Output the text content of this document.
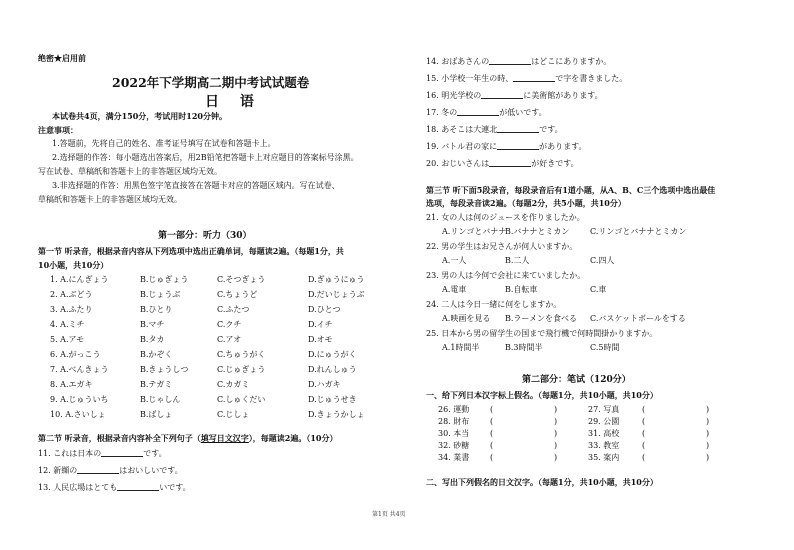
绝密★启用前
2022年下学期高二期中考试试题卷
日 语
本试卷共4页，满分150分，考试用时120分钟。
注意事项：
1.答题前，先将自己的姓名、准考证号填写在试卷和答题卡上。
2.选择题的作答：每小题选出答案后，用2B铅笔把答题卡上对应题目的答案标号涂黑。
写在试卷、草稿纸和答题卡上的非答题区域均无效。
3.非选择题的作答：用黑色签字笔直接答在答题卡对应的答题区域内。写在试卷、
草稿纸和答题卡上的非答题区域均无效。
第一部分：听力（30）
第一节 听录音，根据录音内容从下列选项中选出正确单词，每题读2遍。（每题1分，共
10小题，共10分）
1. A.にんぎょう	B.じゅぎょう	C.そつぎょう	D.ぎゅうにゅう
2. A.ぶどう	B.じょうぶ	C.ちょうど	D.だいじょうぶ
3. A.ふたり	B.ひとり	C.ふたつ	D.ひとつ
4. A.ミチ	B.マチ	C.クチ	D.イチ
5. A.アモ	B.タカ	C.アオ	D.オモ
6. A.がっこう	B.かぞく	C.ちゅうがく	D.にゅうがく
7. A.べんきょう	B.きょうしつ	C.じゅぎょう	D.れんしゅう
8. A.エガキ	B.テガミ	C.カガミ	D.ハガキ
9. A.じゅういち	B.じゃしん	C.しゅくだい	D.じゅうせき
10. A.さいしょ	B.ばしょ	C.じしょ	D.きょうかしょ
第二节 听录音，根据录音内容补全下列句子（填写日文汉字），每题读2遍。（10分）
11. これは日本の	です。
12. 新纐の	はおいしいです。
13. 人民広場はとても	いです。
14. おばあさんの	はどこにありますか。
15. 小学校一年生の時、	で字を書きました。
16. 明光学校の	に美術館があります。
17. 冬の	が低いです。
18. あそこは大連北	です。
19. バトル君の家に	があります。
20. おじいさんは	が好きです。
第三节 听下面5段录音，每段录音后有1道小题，从A、B、C三个选项中选出最佳
选项，每段录音读2遍。（每题2分，共5小题，共10分）
21. 女の人は何のジュースを作りましたか。
A.リンゴとバナナ
B.バナナとミカン	C.リンゴとバナナとミカン
22. 男の学生はお兄さんが何人いますか。
A.一人	B.二人	C.四人
23. 男の人は今何で会社に来ていましたか。
A.電車	B.自転車	C.車
24. 二人は今日一緒に何をしますか。
A.映画を見る B.ラーメンを食べる C.バスケットボールをする
25. 日本から男の留学生の国まで飛行機で何時間掛かりますか。
A.1時間半	B.3時間半	C.5時間
第二部分：笔试（120分）
一、给下列日本汉字标上假名。（每题1分，共10小题，共10分）
26. 運動	(	)	27. 写真	(	)
28. 財布	(	)	29. 公園	(	)
30. 本当	(	)	31. 高校	(	)
32. 砂糖	(	)	33. 教室	(	)
34. 業書	(	)	35. 案内	(	)
二、写出下列假名的日文汉字。（每题1分，共10小题，共10分）
第1页 共4页
